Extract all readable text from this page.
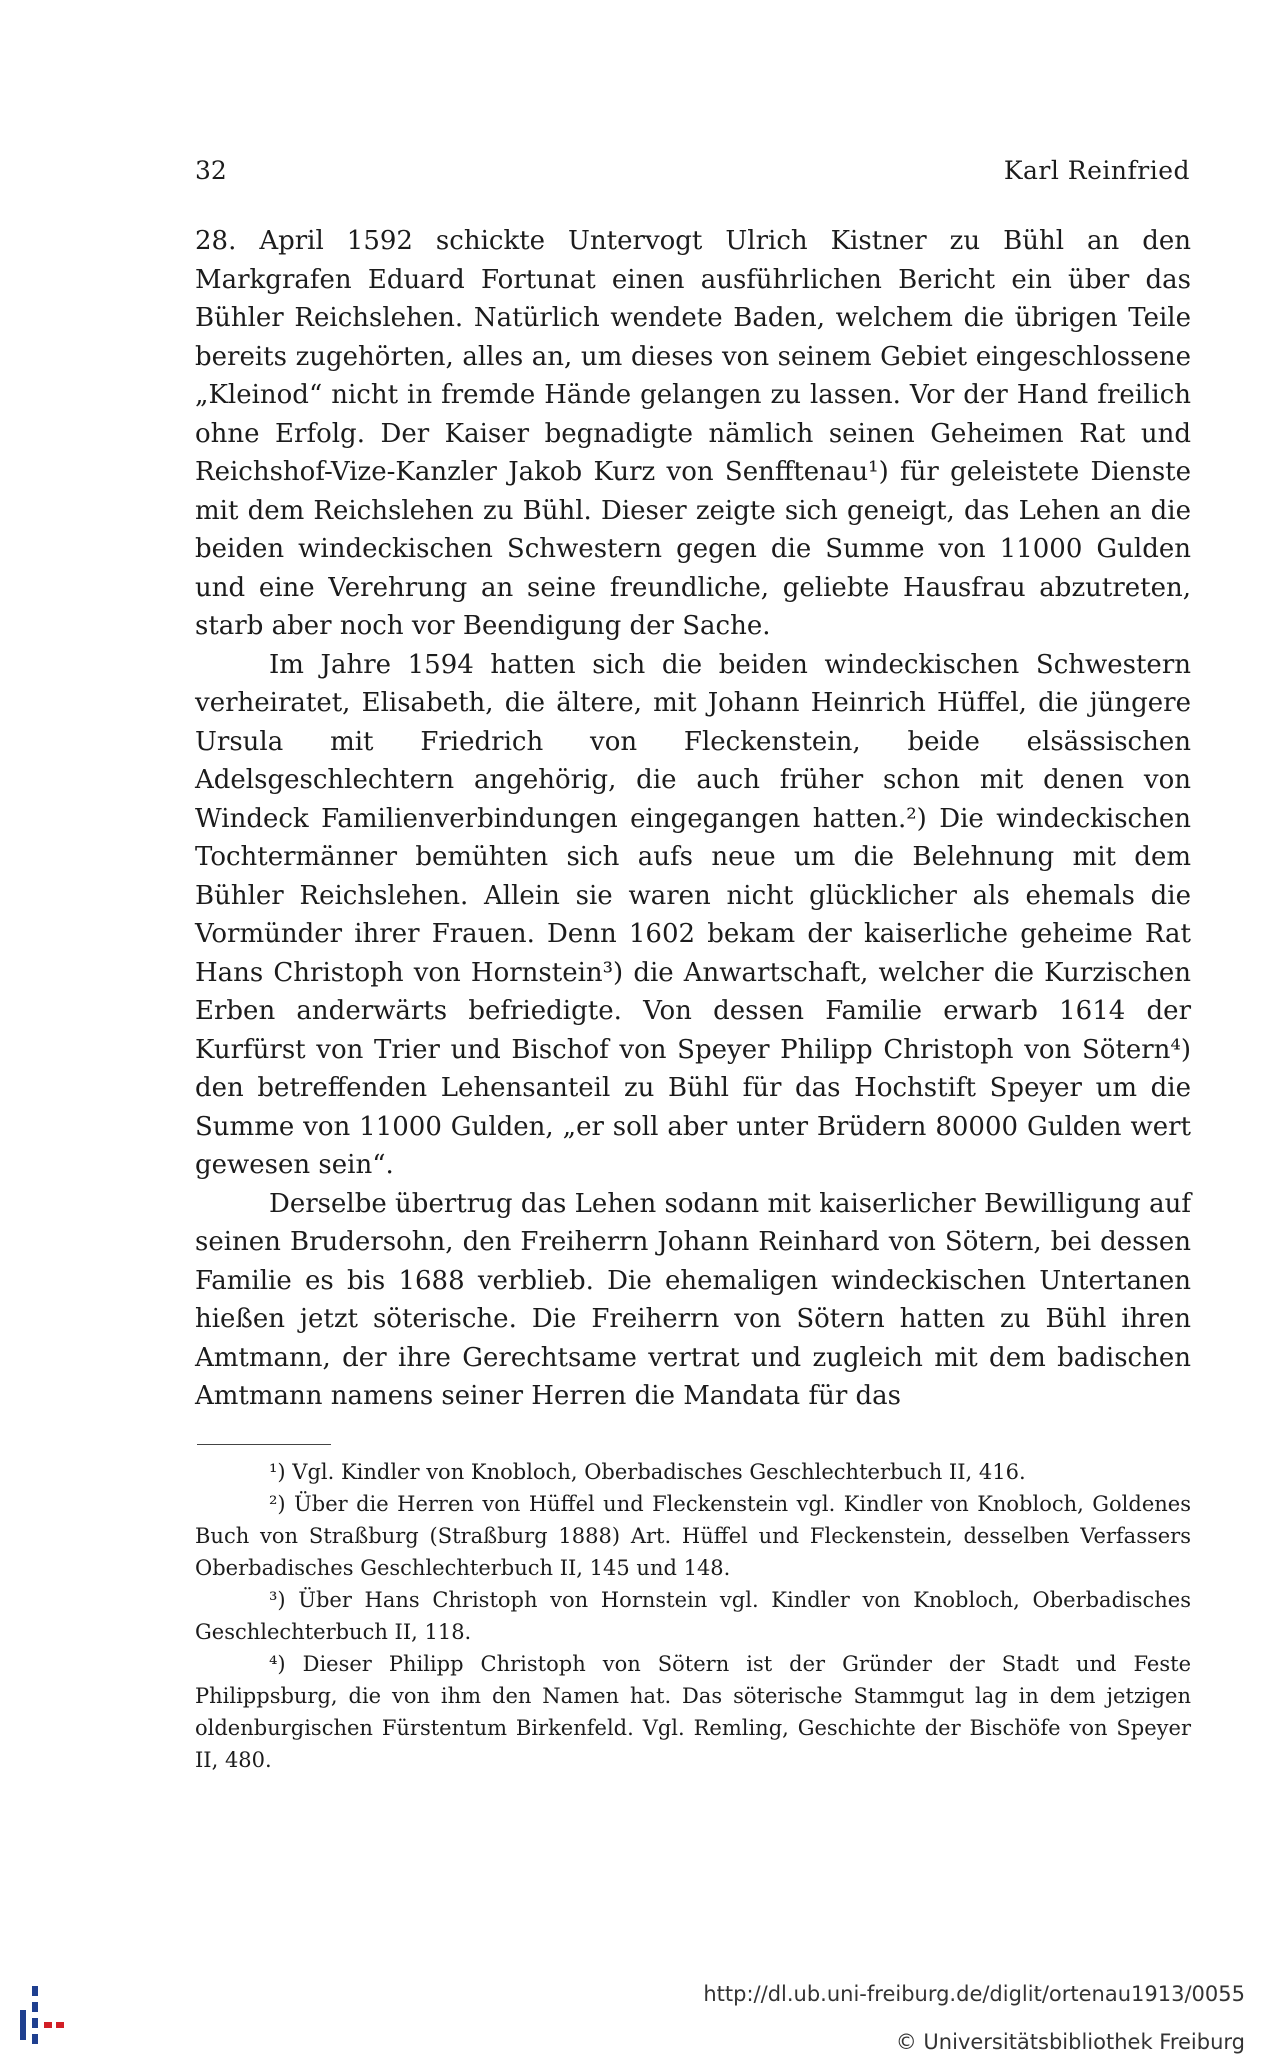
32	Karl Reinfried

28. April 1592 schickte Untervogt Ulrich Kistner zu Bühl an den Markgrafen Eduard Fortunat einen ausführlichen Bericht ein über das Bühler Reichslehen. Natürlich wendete Baden, welchem die übrigen Teile bereits zugehörten, alles an, um dieses von seinem Gebiet eingeschlossene „Kleinod“ nicht in fremde Hände gelangen zu lassen. Vor der Hand freilich ohne Erfolg. Der Kaiser begnadigte nämlich seinen Geheimen Rat und Reichshof-Vize-Kanzler Jakob Kurz von Senfftenau¹) für geleistete Dienste mit dem Reichslehen zu Bühl. Dieser zeigte sich geneigt, das Lehen an die beiden windeckischen Schwestern gegen die Summe von 11000 Gulden und eine Verehrung an seine freundliche, geliebte Hausfrau abzutreten, starb aber noch vor Beendigung der Sache.

Im Jahre 1594 hatten sich die beiden windeckischen Schwestern verheiratet, Elisabeth, die ältere, mit Johann Heinrich Hüffel, die jüngere Ursula mit Friedrich von Fleckenstein, beide elsässischen Adelsgeschlechtern angehörig, die auch früher schon mit denen von Windeck Familienverbindungen eingegangen hatten.²) Die windeckischen Tochtermänner bemühten sich aufs neue um die Belehnung mit dem Bühler Reichslehen. Allein sie waren nicht glücklicher als ehemals die Vormünder ihrer Frauen. Denn 1602 bekam der kaiserliche geheime Rat Hans Christoph von Hornstein³) die Anwartschaft, welcher die Kurzischen Erben anderwärts befriedigte. Von dessen Familie erwarb 1614 der Kurfürst von Trier und Bischof von Speyer Philipp Christoph von Sötern⁴) den betreffenden Lehensanteil zu Bühl für das Hochstift Speyer um die Summe von 11000 Gulden, „er soll aber unter Brüdern 80000 Gulden wert gewesen sein“.

Derselbe übertrug das Lehen sodann mit kaiserlicher Bewilligung auf seinen Brudersohn, den Freiherrn Johann Reinhard von Sötern, bei dessen Familie es bis 1688 verblieb. Die ehemaligen windeckischen Untertanen hießen jetzt söterische. Die Freiherrn von Sötern hatten zu Bühl ihren Amtmann, der ihre Gerechtsame vertrat und zugleich mit dem badischen Amtmann namens seiner Herren die Mandata für das

¹) Vgl. Kindler von Knobloch, Oberbadisches Geschlechterbuch II, 416.

²) Über die Herren von Hüffel und Fleckenstein vgl. Kindler von Knobloch, Goldenes Buch von Straßburg (Straßburg 1888) Art. Hüffel und Fleckenstein, desselben Verfassers Oberbadisches Geschlechterbuch II, 145 und 148.

³) Über Hans Christoph von Hornstein vgl. Kindler von Knobloch, Oberbadisches Geschlechterbuch II, 118.

⁴) Dieser Philipp Christoph von Sötern ist der Gründer der Stadt und Feste Philippsburg, die von ihm den Namen hat. Das söterische Stammgut lag in dem jetzigen oldenburgischen Fürstentum Birkenfeld. Vgl. Remling, Geschichte der Bischöfe von Speyer II, 480.

http://dl.ub.uni-freiburg.de/diglit/ortenau1913/0055
© Universitätsbibliothek Freiburg
